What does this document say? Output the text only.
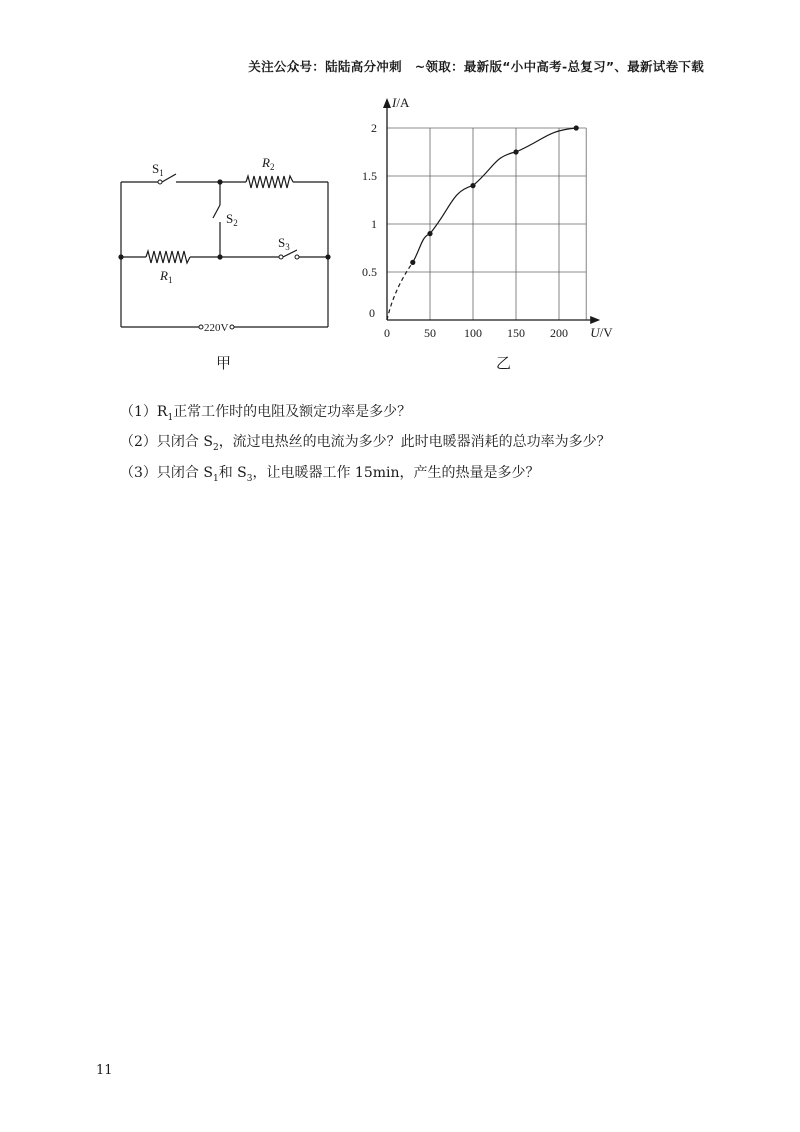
关注公众号：陆陆高分冲刺　~领取：最新版“小中高考-总复习”、最新试卷下载
$S_1$
$S_2$
$S_3$
$R_2$
$R_1$
220V
甲
0	50 100 150 200
0.5
1
1.5
2
0
I/A
U/V
乙
$(1)R_1$正常工作时的电阻及额定功率是多少？
（2）只闭合 $S_2$，流过电热丝的电流为多少？此时电暖器消耗的总功率为多少？
（3）只闭合 $S_1$和 $S_3$，让电暖器工作 15min，产生的热量是多少？
11
